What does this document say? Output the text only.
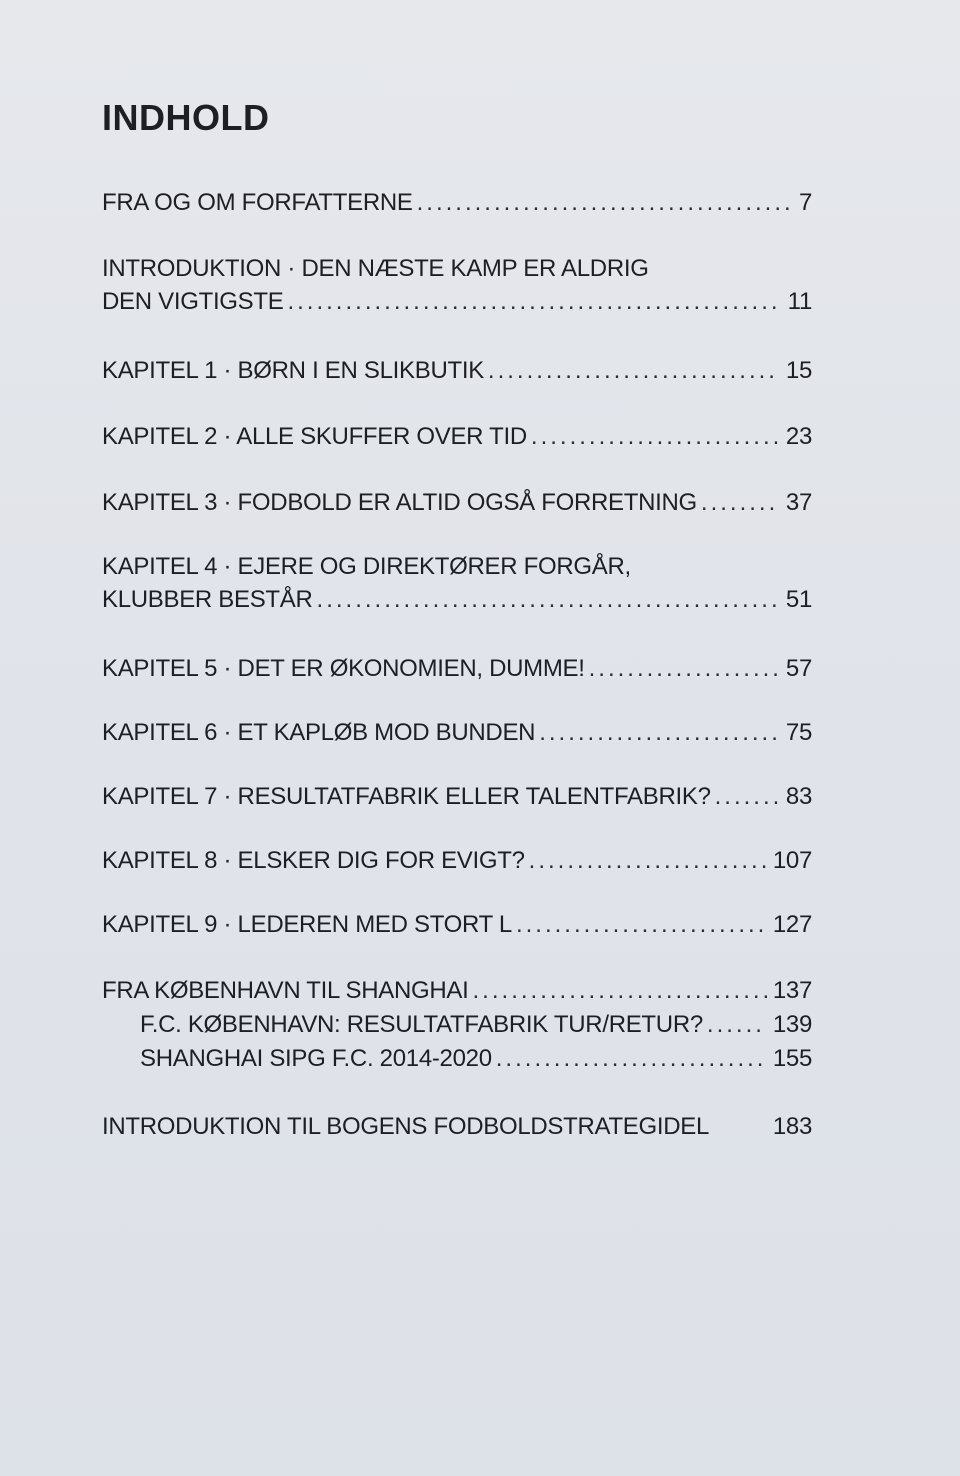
INDHOLD
FRA OG OM FORFATTERNE .....	7
INTRODUKTION · DEN NÆSTE KAMP ER ALDRIG
DEN VIGTIGSTE .....	11
KAPITEL 1 · BØRN I EN SLIKBUTIK .....	15
KAPITEL 2 · ALLE SKUFFER OVER TID .....	23
KAPITEL 3 · FODBOLD ER ALTID OGSÅ FORRETNING .....	37
KAPITEL 4 · EJERE OG DIREKTØRER FORGÅR,
KLUBBER BESTÅR .....	51
KAPITEL 5 · DET ER ØKONOMIEN, DUMME! .....	57
KAPITEL 6 · ET KAPLØB MOD BUNDEN .....	75
KAPITEL 7 · RESULTATFABRIK ELLER TALENTFABRIK? .....	83
KAPITEL 8 · ELSKER DIG FOR EVIGT? .....	107
KAPITEL 9 · LEDEREN MED STORT L .....	127
FRA KØBENHAVN TIL SHANGHAI .....	137
F.C. KØBENHAVN: RESULTATFABRIK TUR/RETUR? .....	139
SHANGHAI SIPG F.C. 2014-2020 .....	155
INTRODUKTION TIL BOGENS FODBOLDSTRATEGIDEL	183
